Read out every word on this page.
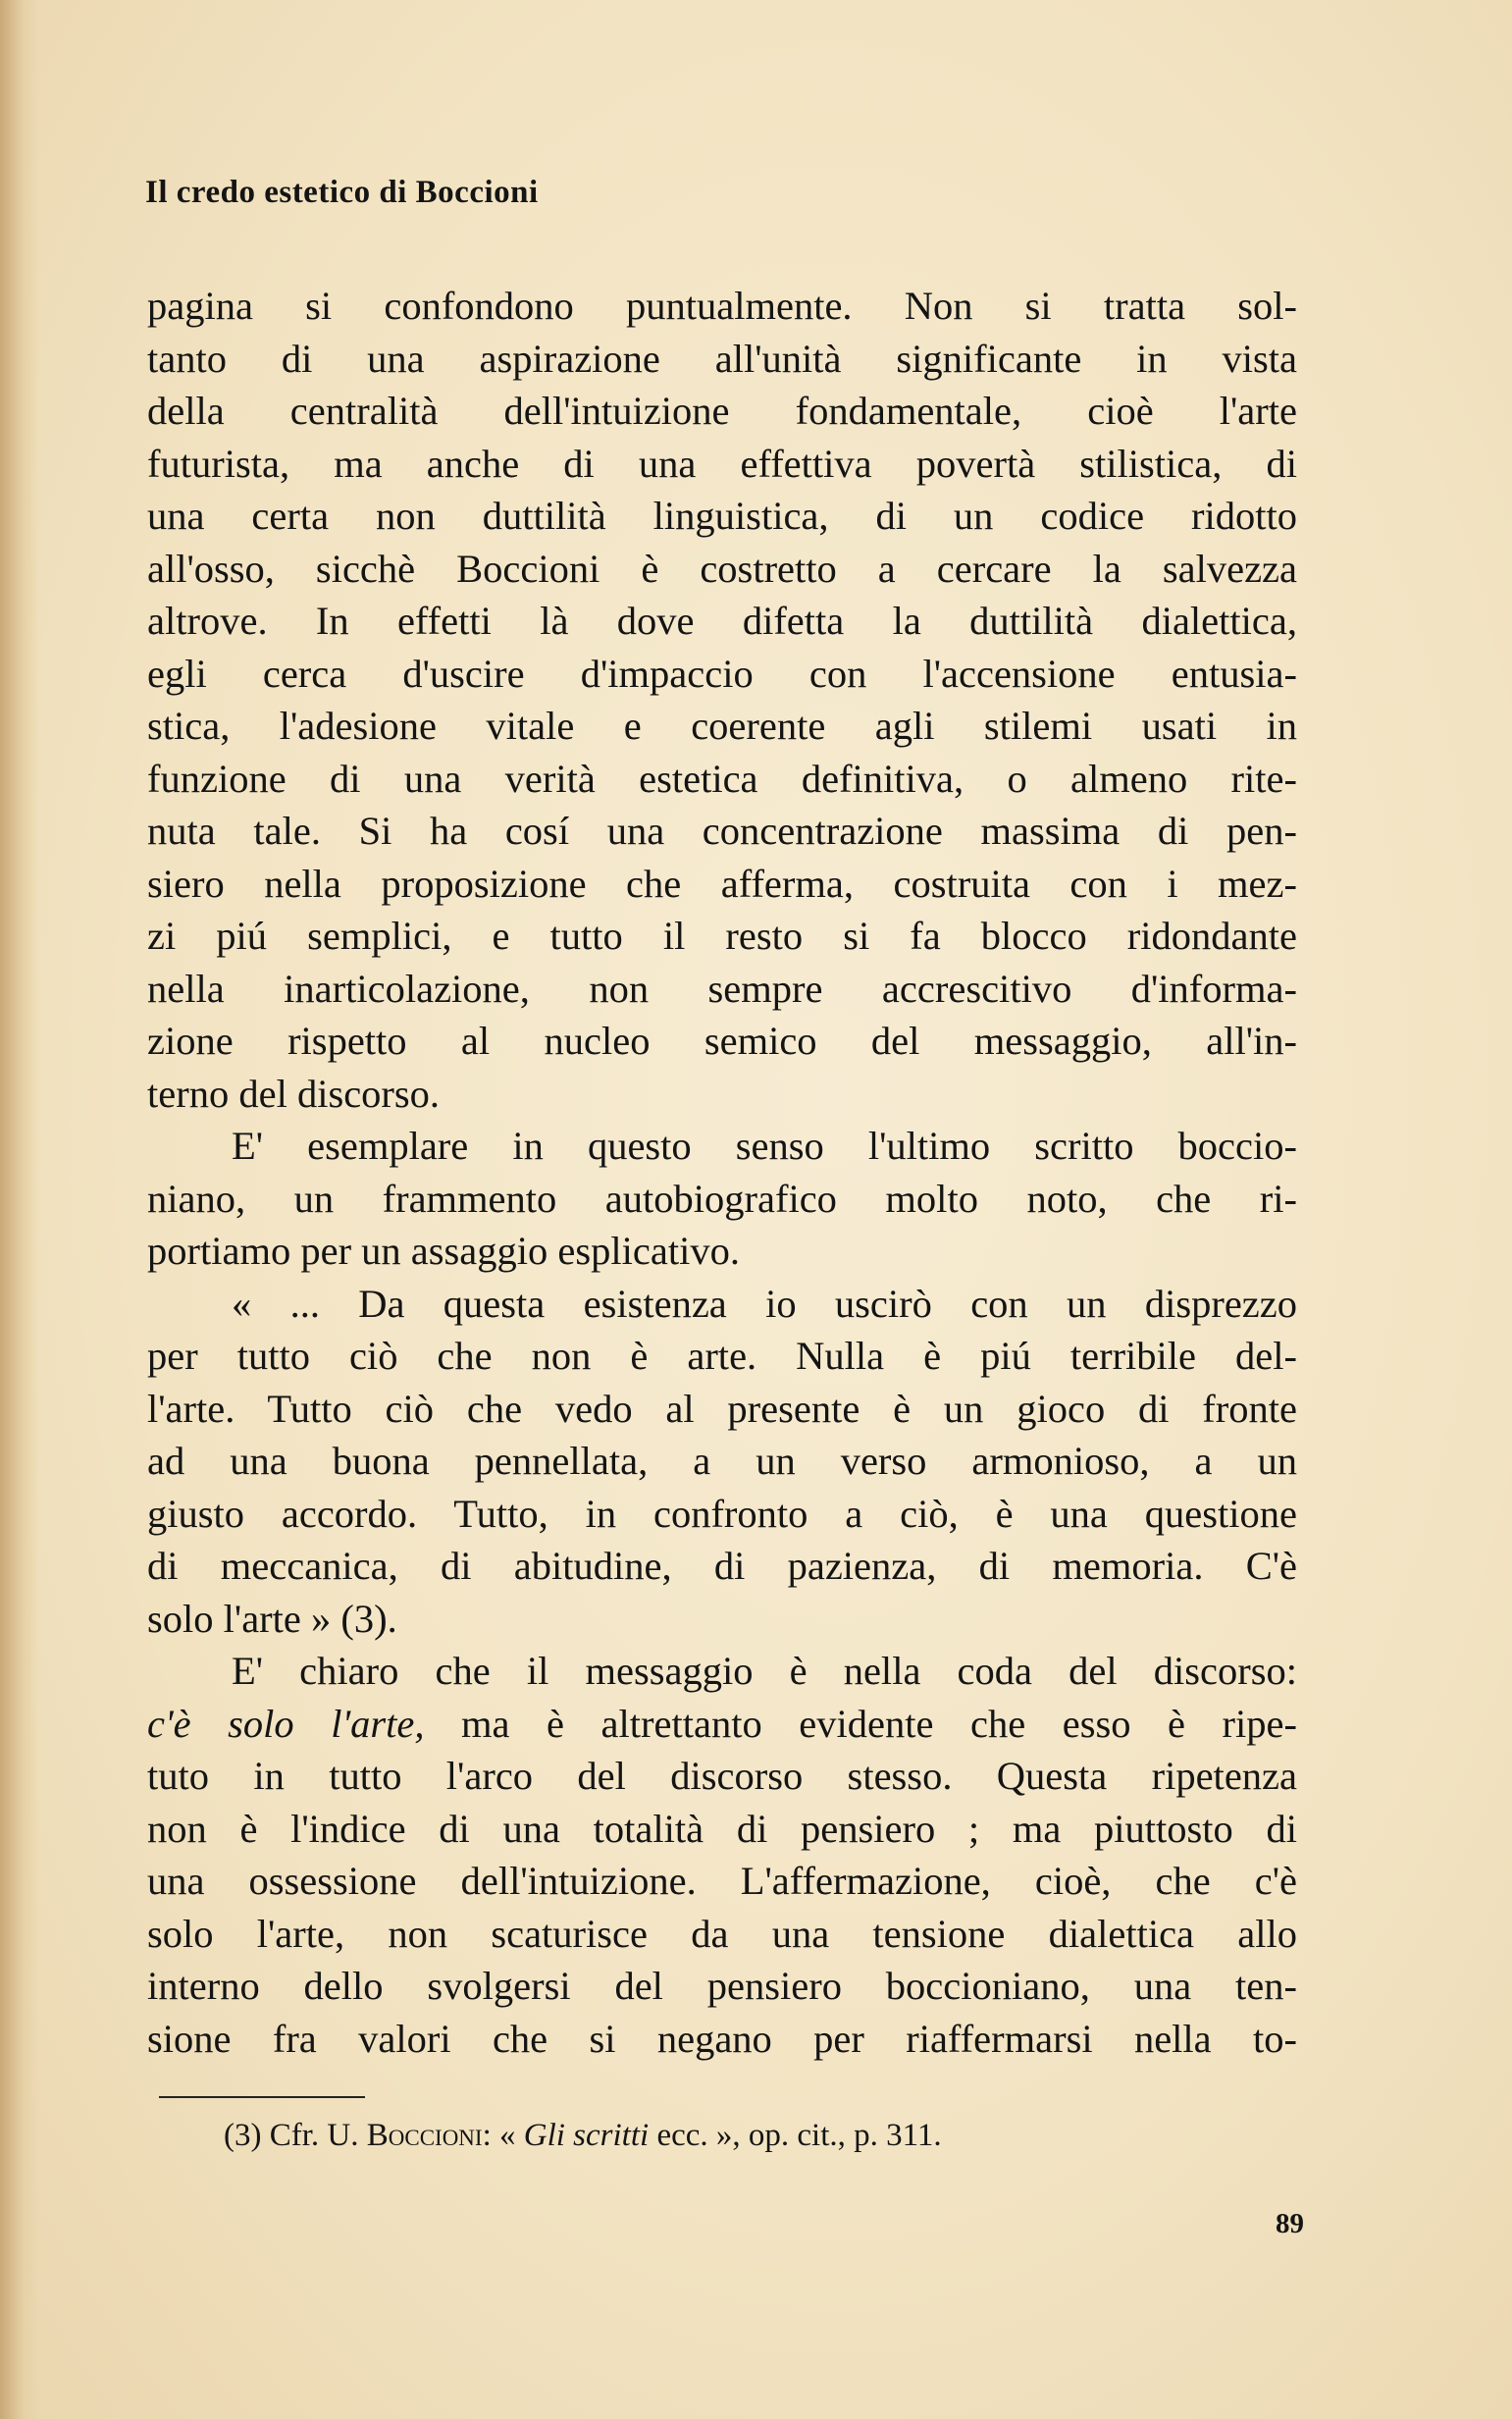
Il credo estetico di Boccioni
pagina si confondono puntualmente. Non si tratta sol-
tanto di una aspirazione all'unità significante in vista
della centralità dell'intuizione fondamentale, cioè l'arte
futurista, ma anche di una effettiva povertà stilistica, di
una certa non duttilità linguistica, di un codice ridotto
all'osso, sicchè Boccioni è costretto a cercare la salvezza
altrove. In effetti là dove difetta la duttilità dialettica,
egli cerca d'uscire d'impaccio con l'accensione entusia-
stica, l'adesione vitale e coerente agli stilemi usati in
funzione di una verità estetica definitiva, o almeno rite-
nuta tale. Si ha cosí una concentrazione massima di pen-
siero nella proposizione che afferma, costruita con i mez-
zi piú semplici, e tutto il resto si fa blocco ridondante
nella inarticolazione, non sempre accrescitivo d'informa-
zione rispetto al nucleo semico del messaggio, all'in-
terno del discorso.
E' esemplare in questo senso l'ultimo scritto boccio-
niano, un frammento autobiografico molto noto, che ri-
portiamo per un assaggio esplicativo.
« ... Da questa esistenza io uscirò con un disprezzo
per tutto ciò che non è arte. Nulla è piú terribile del-
l'arte. Tutto ciò che vedo al presente è un gioco di fronte
ad una buona pennellata, a un verso armonioso, a un
giusto accordo. Tutto, in confronto a ciò, è una questione
di meccanica, di abitudine, di pazienza, di memoria. C'è
solo l'arte » (3).
E' chiaro che il messaggio è nella coda del discorso:
c'è solo l'arte, ma è altrettanto evidente che esso è ripe-
tuto in tutto l'arco del discorso stesso. Questa ripetenza
non è l'indice di una totalità di pensiero ; ma piuttosto di
una ossessione dell'intuizione. L'affermazione, cioè, che c'è
solo l'arte, non scaturisce da una tensione dialettica allo
interno dello svolgersi del pensiero boccioniano, una ten-
sione fra valori che si negano per riaffermarsi nella to-
(3) Cfr. U. Boccioni: « Gli scritti ecc. », op. cit., p. 311.
89
